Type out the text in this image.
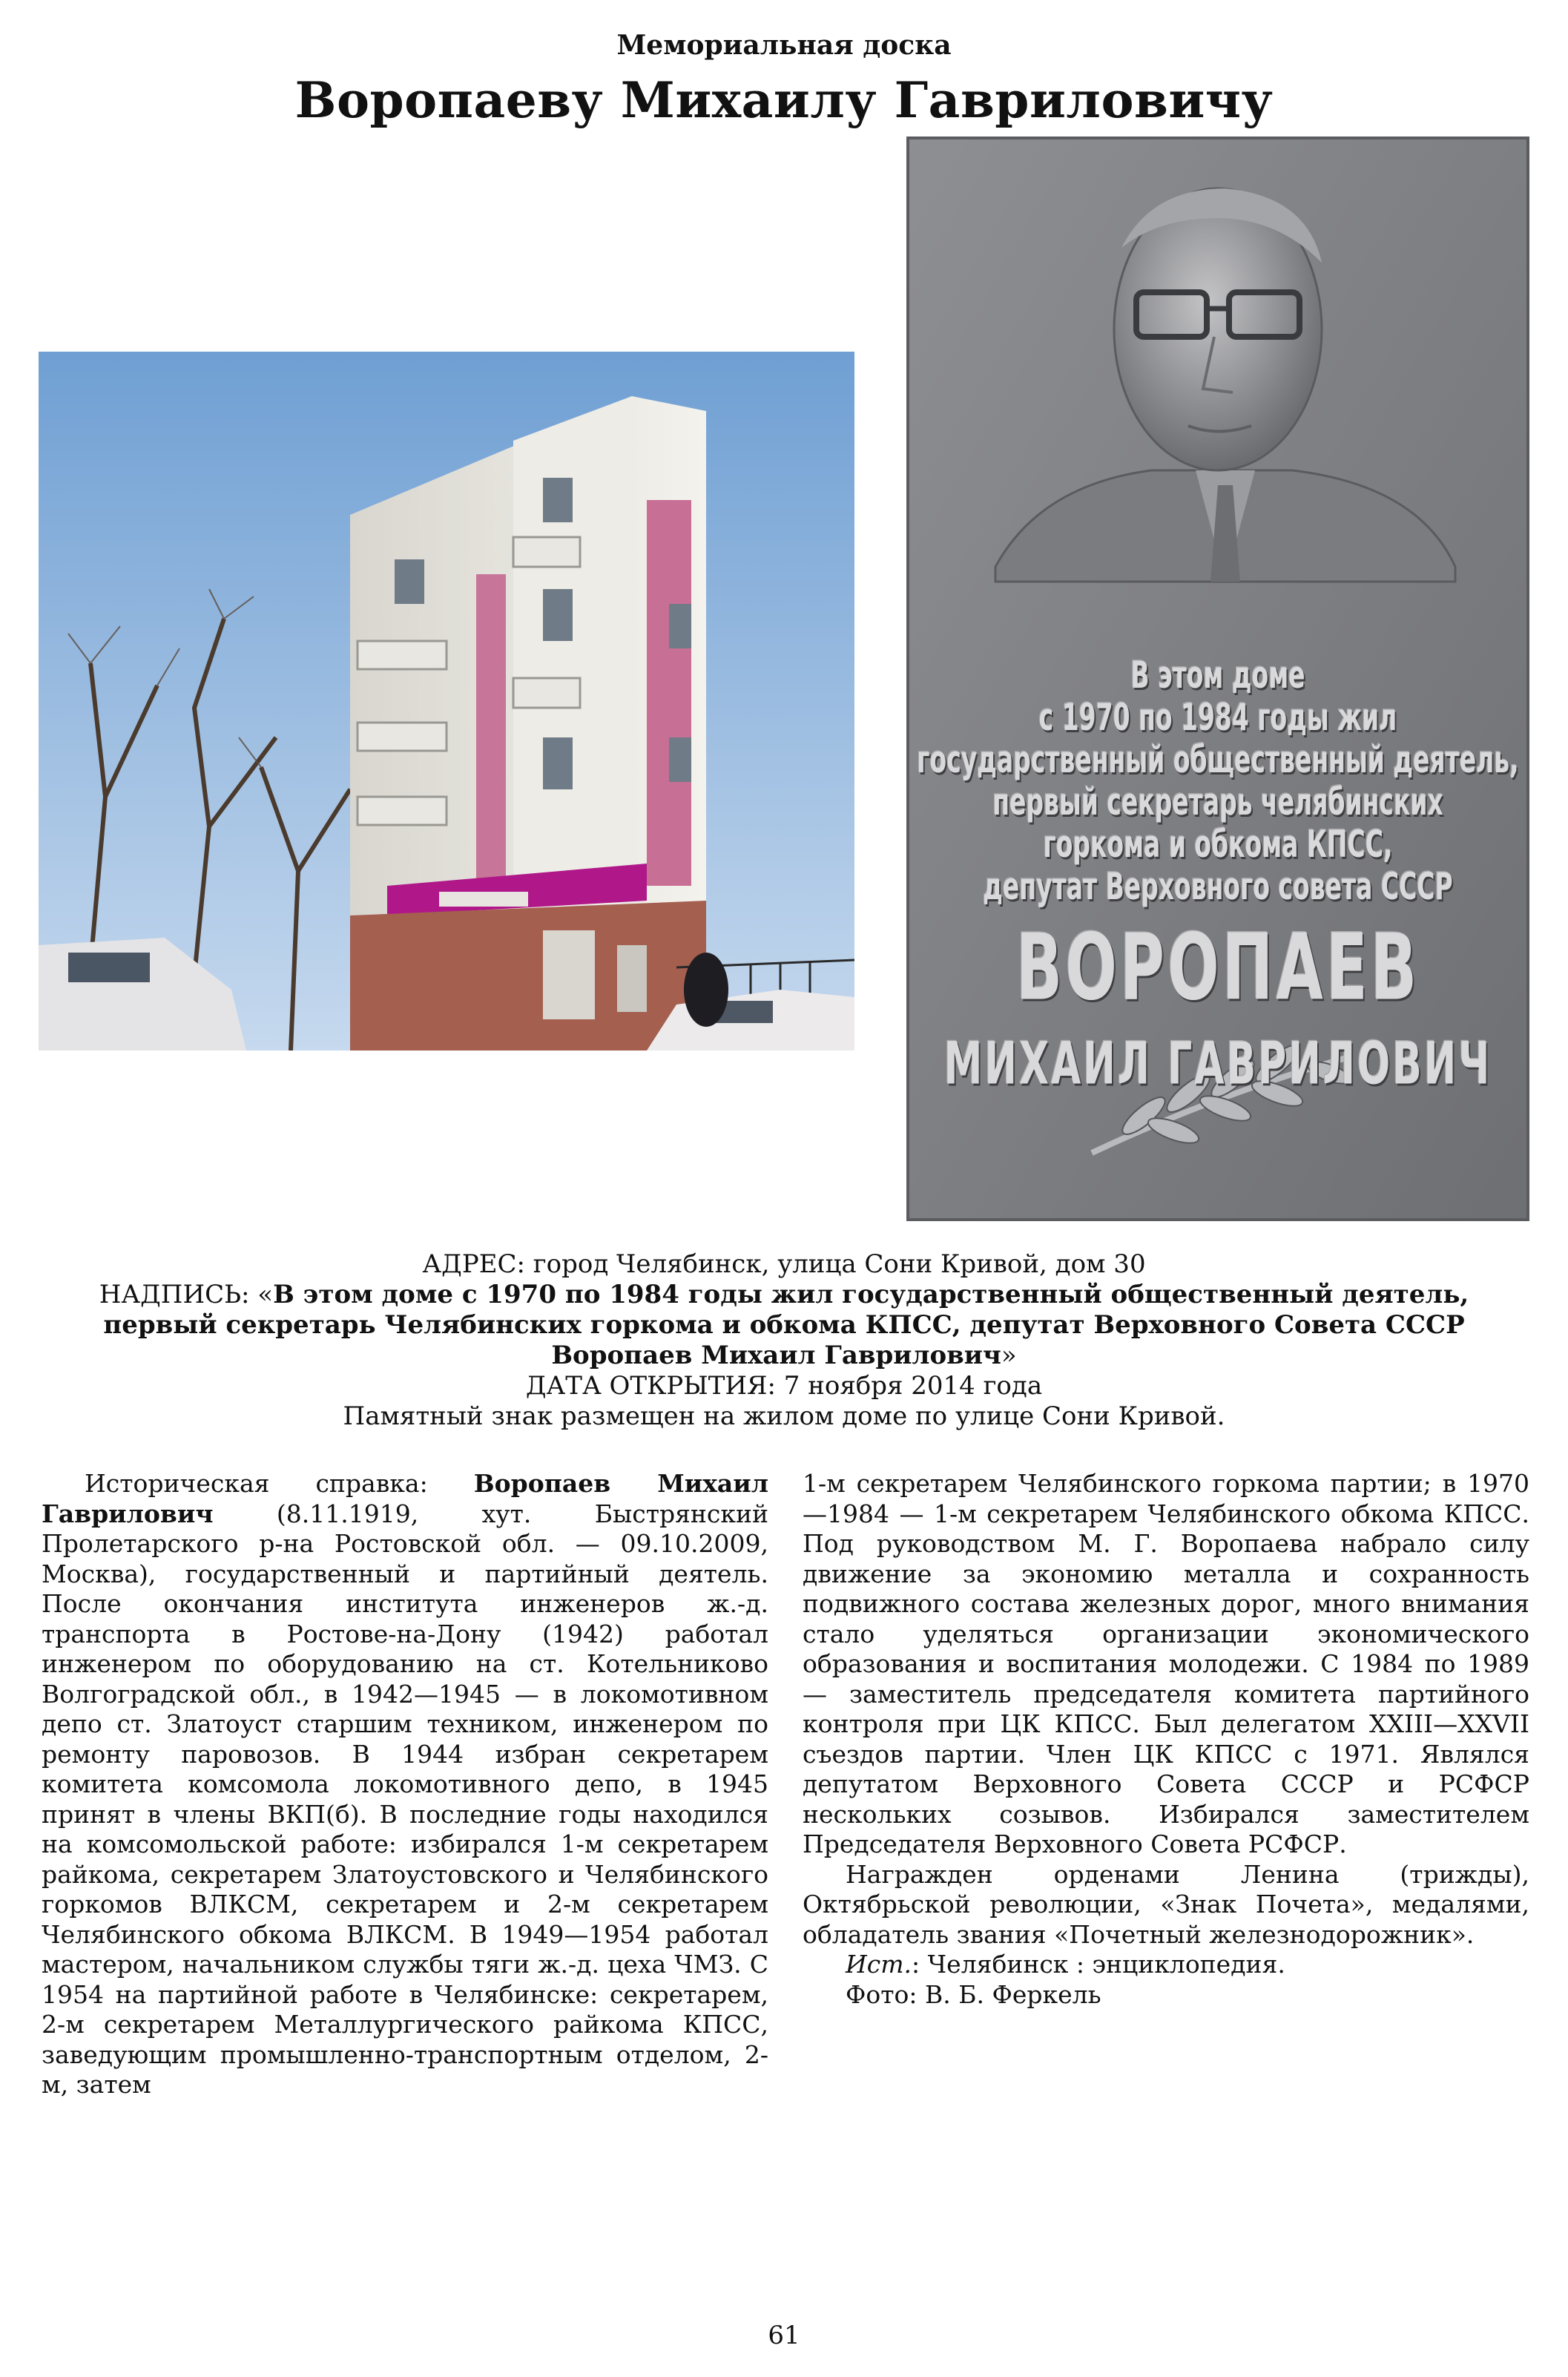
Мемориальная доска
Воропаеву Михаилу Гавриловичу
В этом доме
с 1970 по 1984 годы жил
государственный общественный деятель,
первый секретарь челябинских
горкома и обкома КПСС,
депутат Верховного совета СССР
ВОРОПАЕВ
МИХАИЛ ГАВРИЛОВИЧ

АДРЕС: город Челябинск, улица Сони Кривой, дом 30

НАДПИСЬ: «В этом доме с 1970 по 1984 годы жил государственный общественный деятель,

первый секретарь Челябинских горкома и обкома КПСС, депутат Верховного Совета СССР

Воропаев Михаил Гаврилович»

ДАТА ОТКРЫТИЯ: 7 ноября 2014 года

Памятный знак размещен на жилом доме по улице Сони Кривой.

Историческая справка: Воропаев Михаил Гаврилович	(8.11.1919, хут. Быстрянский Пролетарского р-на Ростовской обл. — 09.10.2009, Москва), государственный и партийный деятель. После окончания института инженеров ж.-д. транспорта в Ростове-на-Дону (1942) работал инженером по оборудованию на ст. Котельниково Волгоградской обл., в 1942—1945 — в локомотивном депо ст. Златоуст старшим техником, инженером по ремонту паровозов. В 1944 избран секретарем комитета комсомола локомотивного депо, в 1945 принят в члены ВКП(б). В последние годы находился на комсомольской работе: избирался 1-м секретарем райкома, секретарем Златоустовского и Челябинского горкомов ВЛКСМ, секретарем и 2-м секретарем Челябинского обкома ВЛКСМ. В 1949—1954 работал мастером, начальником службы тяги ж.-д. цеха ЧМЗ. С 1954 на партийной работе в Челябинске: секретарем, 2-м секретарем Металлургического райкома КПСС, заведующим промышленно-транспортным отделом, 2-м, затем

1-м секретарем Челябинского горкома партии; в 1970—1984 — 1-м секретарем Челябинского обкома КПСС. Под руководством М. Г. Воропаева набрало силу движение за экономию металла и сохранность подвижного состава железных дорог, много внимания стало уделяться организации экономического образования и воспитания молодежи. С 1984 по 1989 — заместитель председателя комитета партийного контроля при ЦК КПСС. Был делегатом XXIII—XXVII съездов партии. Член ЦК КПСС с 1971. Являлся депутатом Верховного Совета СССР и РСФСР нескольких созывов. Избирался заместителем Председателя Верховного Совета РСФСР.

Награжден орденами Ленина (трижды), Октябрьской революции, «Знак Почета», медалями, обладатель звания «Почетный железнодорожник».

Ист.: Челябинск : энциклопедия.

Фото: В. Б. Феркель

61
